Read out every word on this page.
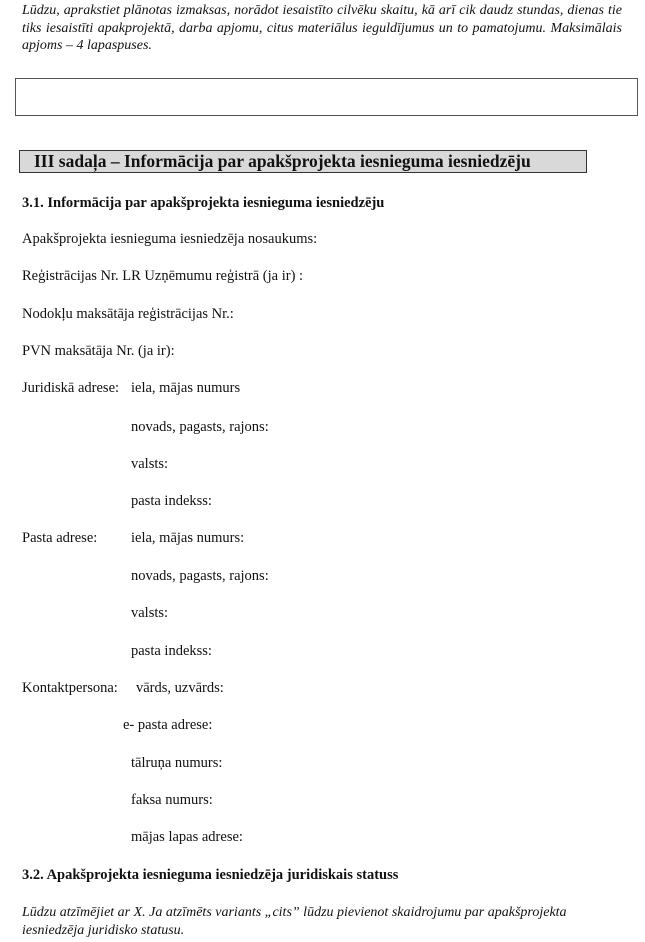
Lūdzu, aprakstiet plānotas izmaksas, norādot iesaistīto cilvēku skaitu, kā arī cik daudz stundas, dienas tie tiks iesaistīti apakprojektā, darba apjomu, citus materiālus ieguldījumus un to pamatojumu. Maksimālais apjoms – 4 lapaspuses.
III sadaļa – Informācija par apakšprojekta iesnieguma iesniedzēju
3.1. Informācija par apakšprojekta iesnieguma iesniedzēju
Apakšprojekta iesnieguma iesniedzēja nosaukums:
Reģistrācijas Nr. LR Uzņēmumu reģistrā (ja ir) :
Nodokļu maksātāja reģistrācijas Nr.:
PVN maksātāja Nr. (ja ir):
Juridiskā adrese: iela, mājas numurs
novads, pagasts, rajons:
valsts:
pasta indekss:
Pasta adrese: iela, mājas numurs:
novads, pagasts, rajons:
valsts:
pasta indekss:
Kontaktpersona: vārds, uzvārds:
e- pasta adrese:
tālruņa numurs:
faksa numurs:
mājas lapas adrese:
3.2. Apakšprojekta iesnieguma iesniedzēja juridiskais statuss
Lūdzu atzīmējiet ar X. Ja atzīmēts variants „cits” lūdzu pievienot skaidrojumu par apakšprojekta iesniedzēja juridisko statusu.
